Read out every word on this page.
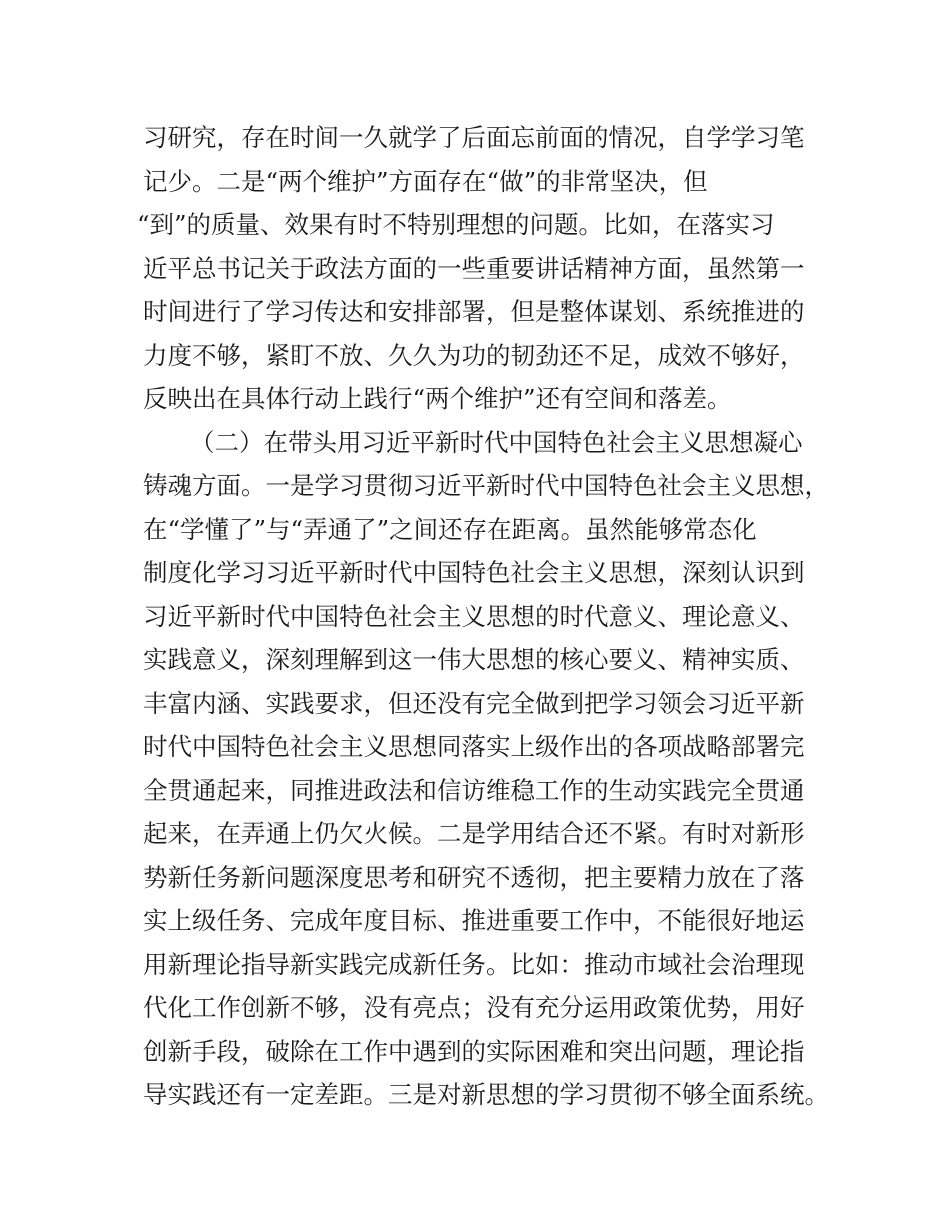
习研究，存在时间一久就学了后面忘前面的情况，自学学习笔
记少。二是“两个维护”方面存在“做”的非常坚决，但
“到”的质量、效果有时不特别理想的问题。比如，在落实习
近平总书记关于政法方面的一些重要讲话精神方面，虽然第一
时间进行了学习传达和安排部署，但是整体谋划、系统推进的
力度不够，紧盯不放、久久为功的韧劲还不足，成效不够好，
反映出在具体行动上践行“两个维护”还有空间和落差。
（二）在带头用习近平新时代中国特色社会主义思想凝心
铸魂方面。一是学习贯彻习近平新时代中国特色社会主义思想，
在“学懂了”与“弄通了”之间还存在距离。虽然能够常态化
制度化学习习近平新时代中国特色社会主义思想，深刻认识到
习近平新时代中国特色社会主义思想的时代意义、理论意义、
实践意义，深刻理解到这一伟大思想的核心要义、精神实质、
丰富内涵、实践要求，但还没有完全做到把学习领会习近平新
时代中国特色社会主义思想同落实上级作出的各项战略部署完
全贯通起来，同推进政法和信访维稳工作的生动实践完全贯通
起来，在弄通上仍欠火候。二是学用结合还不紧。有时对新形
势新任务新问题深度思考和研究不透彻，把主要精力放在了落
实上级任务、完成年度目标、推进重要工作中，不能很好地运
用新理论指导新实践完成新任务。比如：推动市域社会治理现
代化工作创新不够，没有亮点；没有充分运用政策优势，用好
创新手段，破除在工作中遇到的实际困难和突出问题，理论指
导实践还有一定差距。三是对新思想的学习贯彻不够全面系统。
